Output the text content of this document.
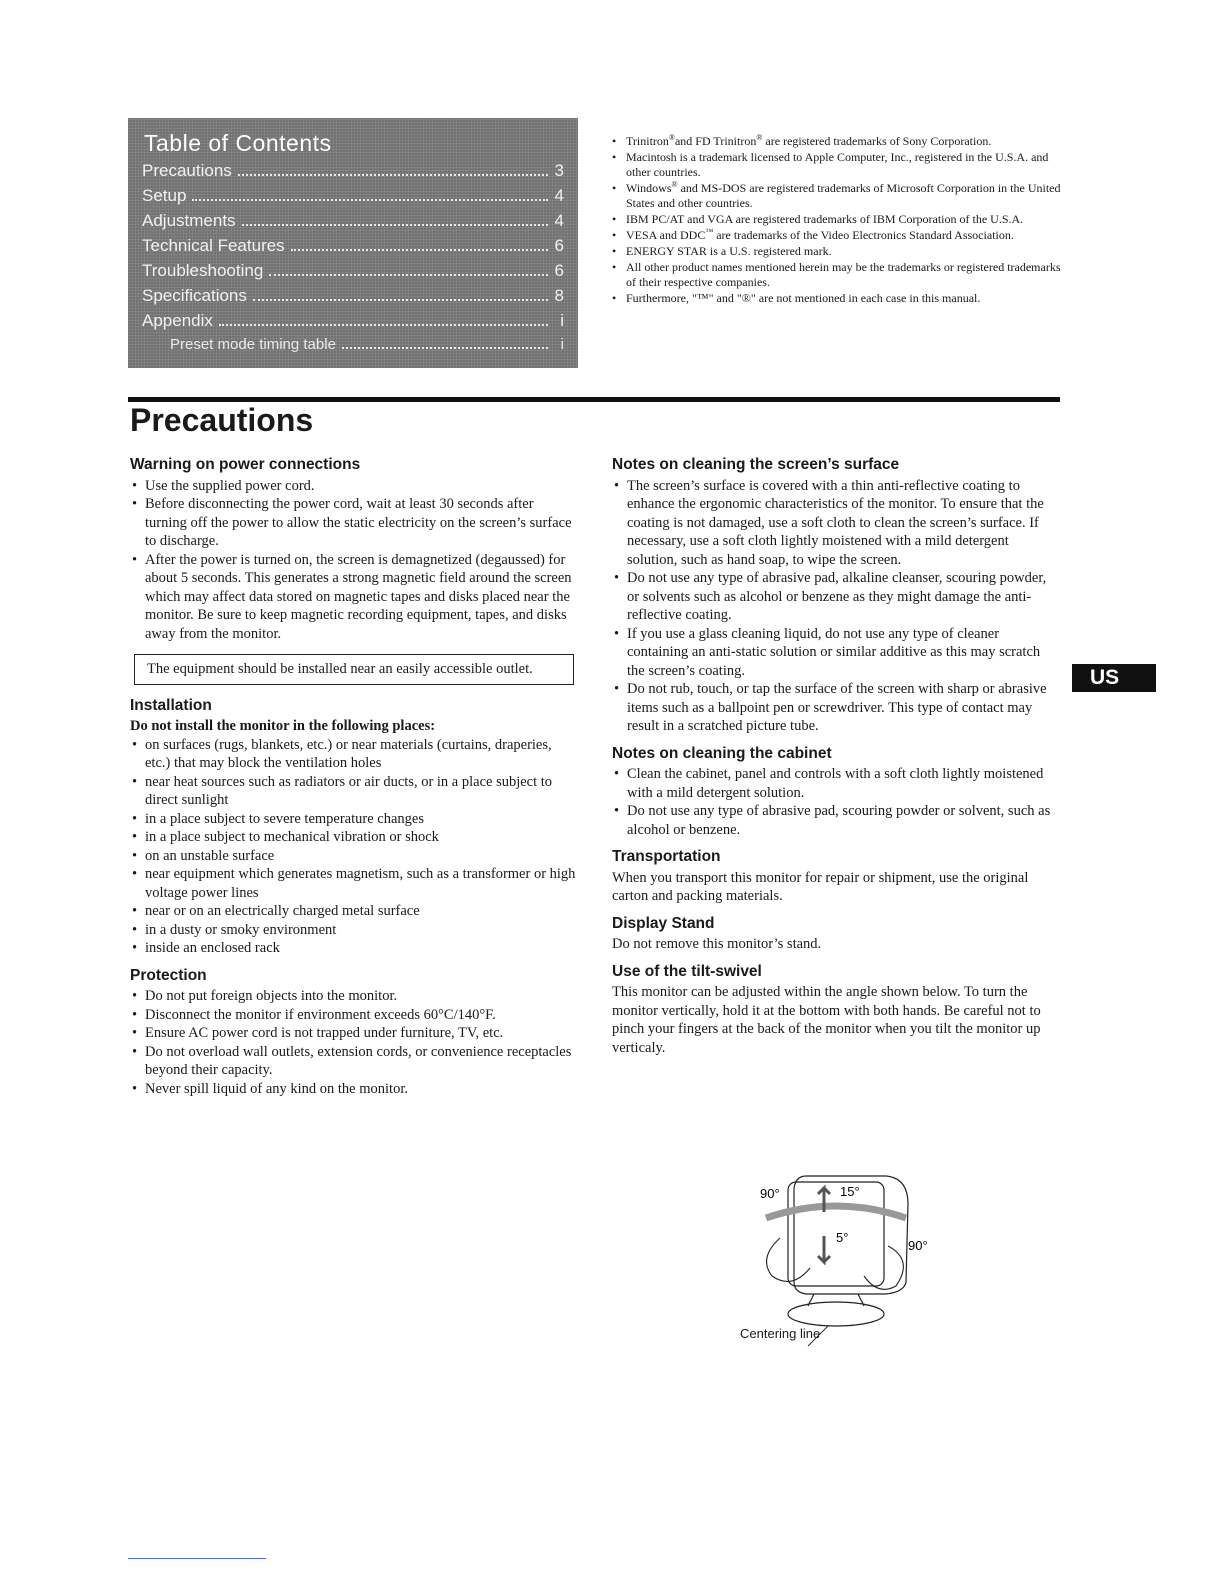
Table of Contents
Precautions	3
Setup	4
Adjustments	4
Technical Features	6
Troubleshooting	6
Specifications	8
Appendix	i
Preset mode timing table	i
• Trinitron®and FD Trinitron® are registered trademarks of Sony Corporation.
• Macintosh is a trademark licensed to Apple Computer, Inc., registered in the U.S.A. and other countries.
• Windows® and MS-DOS are registered trademarks of Microsoft Corporation in the United States and other countries.
• IBM PC/AT and VGA are registered trademarks of IBM Corporation of the U.S.A.
• VESA and DDC™ are trademarks of the Video Electronics Standard Association.
• ENERGY STAR is a U.S. registered mark.
• All other product names mentioned herein may be the trademarks or registered trademarks of their respective companies.
• Furthermore, "™" and "®" are not mentioned in each case in this manual.
Precautions
Warning on power connections
• Use the supplied power cord.
• Before disconnecting the power cord, wait at least 30 seconds after turning off the power to allow the static electricity on the screen’s surface to discharge.
• After the power is turned on, the screen is demagnetized (degaussed) for about 5 seconds. This generates a strong magnetic field around the screen which may affect data stored on magnetic tapes and disks placed near the monitor. Be sure to keep magnetic recording equipment, tapes, and disks away from the monitor.
The equipment should be installed near an easily accessible outlet.
Installation

Do not install the monitor in the following places:

• on surfaces (rugs, blankets, etc.) or near materials (curtains, draperies, etc.) that may block the ventilation holes
• near heat sources such as radiators or air ducts, or in a place subject to direct sunlight
• in a place subject to severe temperature changes
• in a place subject to mechanical vibration or shock
• on an unstable surface
• near equipment which generates magnetism, such as a transformer or high voltage power lines
• near or on an electrically charged metal surface
• in a dusty or smoky environment
• inside an enclosed rack
Protection
• Do not put foreign objects into the monitor.
• Disconnect the monitor if environment exceeds 60°C/140°F.
• Ensure AC power cord is not trapped under furniture, TV, etc.
• Do not overload wall outlets, extension cords, or convenience receptacles beyond their capacity.
• Never spill liquid of any kind on the monitor.
Notes on cleaning the screen’s surface
• The screen’s surface is covered with a thin anti-reflective coating to enhance the ergonomic characteristics of the monitor. To ensure that the coating is not damaged, use a soft cloth to clean the screen’s surface. If necessary, use a soft cloth lightly moistened with a mild detergent solution, such as hand soap, to wipe the screen.
• Do not use any type of abrasive pad, alkaline cleanser, scouring powder, or solvents such as alcohol or benzene as they might damage the anti-reflective coating.
• If you use a glass cleaning liquid, do not use any type of cleaner containing an anti-static solution or similar additive as this may scratch the screen’s coating.
• Do not rub, touch, or tap the surface of the screen with sharp or abrasive items such as a ballpoint pen or screwdriver. This type of contact may result in a scratched picture tube.
Notes on cleaning the cabinet
• Clean the cabinet, panel and controls with a soft cloth lightly moistened with a mild detergent solution.
• Do not use any type of abrasive pad, scouring powder or solvent, such as alcohol or benzene.
Transportation

When you transport this monitor for repair or shipment, use the original carton and packing materials.

Display Stand

Do not remove this monitor’s stand.

Use of the tilt-swivel

This monitor can be adjusted within the angle shown below. To turn the monitor vertically, hold it at the bottom with both hands. Be careful not to pinch your fingers at the back of the monitor when you tilt the monitor up verticaly.

US
90°	15°
5°
90°
Centering line
